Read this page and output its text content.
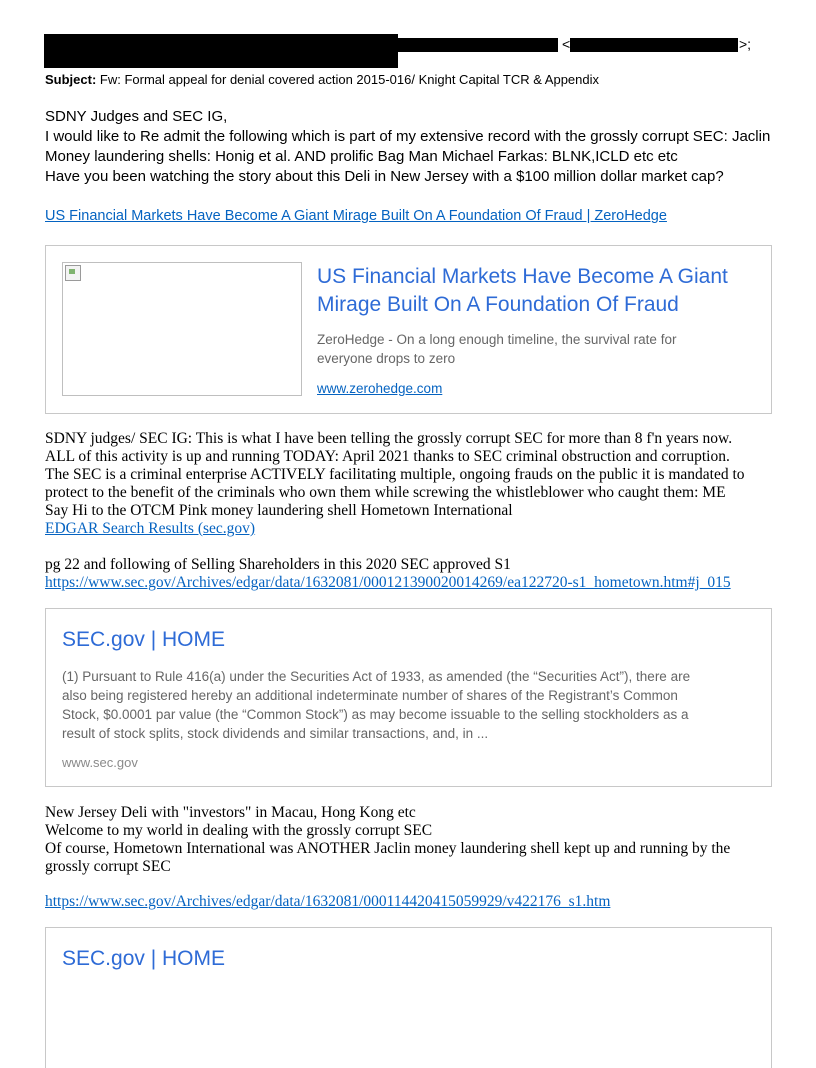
<	>;
Subject: Fw: Formal appeal for denial covered action 2015-016/ Knight Capital TCR & Appendix
SDNY Judges and SEC IG,
I would like to Re admit the following which is part of my extensive record with the grossly corrupt SEC: Jaclin
Money laundering shells: Honig et al. AND prolific Bag Man Michael Farkas: BLNK,ICLD etc etc
Have you been watching the story about this Deli in New Jersey with a $100 million dollar market cap?
US Financial Markets Have Become A Giant Mirage Built On A Foundation Of Fraud | ZeroHedge
US Financial Markets Have Become A Giant
Mirage Built On A Foundation Of Fraud
ZeroHedge - On a long enough timeline, the survival rate for
everyone drops to zero
www.zerohedge.com
SDNY judges/ SEC IG: This is what I have been telling the grossly corrupt SEC for more than 8 f'n years now.
ALL of this activity is up and running TODAY: April 2021 thanks to SEC criminal obstruction and corruption.
The SEC is a criminal enterprise ACTIVELY facilitating multiple, ongoing frauds on the public it is mandated to
protect to the benefit of the criminals who own them while screwing the whistleblower who caught them: ME
Say Hi to the OTCM Pink money laundering shell Hometown International
EDGAR Search Results (sec.gov)
pg 22 and following of Selling Shareholders in this 2020 SEC approved S1
https://www.sec.gov/Archives/edgar/data/1632081/000121390020014269/ea122720-s1_hometown.htm#j_015
SEC.gov | HOME
(1) Pursuant to Rule 416(a) under the Securities Act of 1933, as amended (the “Securities Act”), there are
also being registered hereby an additional indeterminate number of shares of the Registrant’s Common
Stock, $0.0001 par value (the “Common Stock”) as may become issuable to the selling stockholders as a
result of stock splits, stock dividends and similar transactions, and, in ...
www.sec.gov
New Jersey Deli with "investors" in Macau, Hong Kong etc
Welcome to my world in dealing with the grossly corrupt SEC
Of course, Hometown International was ANOTHER Jaclin money laundering shell kept up and running by the
grossly corrupt SEC
https://www.sec.gov/Archives/edgar/data/1632081/000114420415059929/v422176_s1.htm
SEC.gov | HOME
